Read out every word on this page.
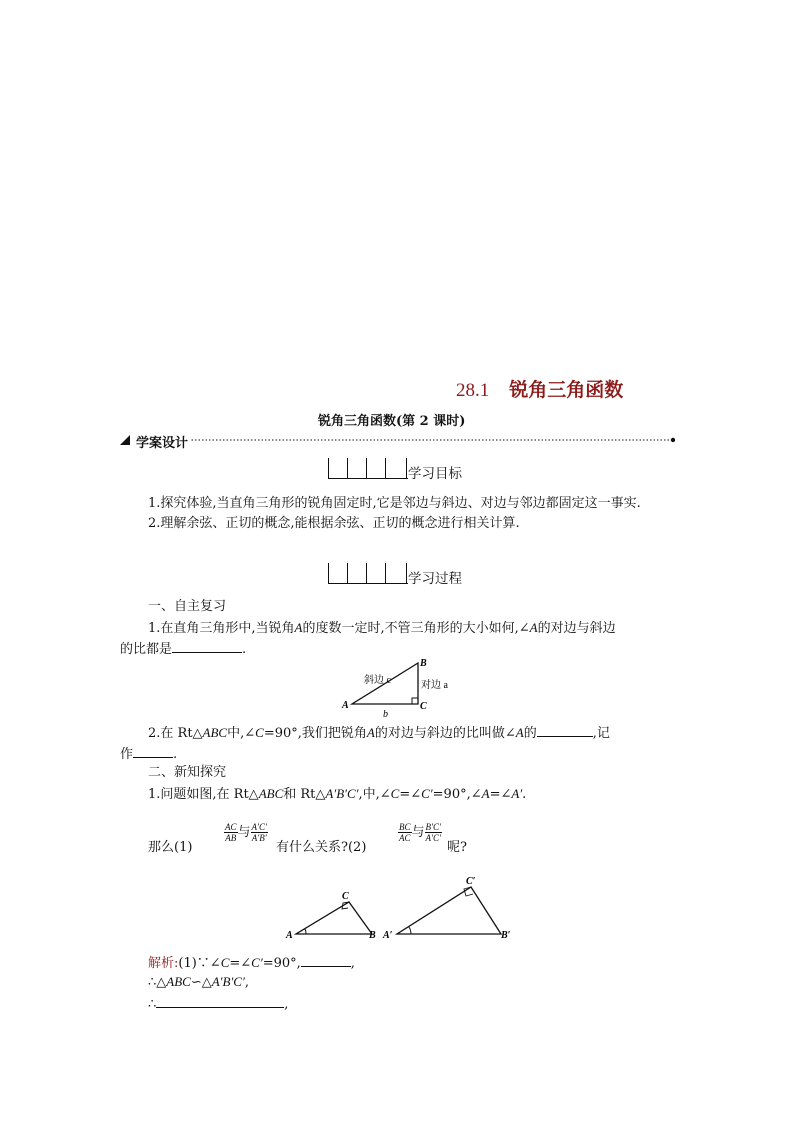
28.1 锐角三角函数
锐角三角函数(第 2 课时)
学案设计
学习目标
1.探究体验,当直角三角形的锐角固定时,它是邻边与斜边、对边与邻边都固定这一事实.
2.理解余弦、正切的概念,能根据余弦、正切的概念进行相关计算.
学习过程
一、自主复习
1.在直角三角形中,当锐角A的度数一定时,不管三角形的大小如何,∠A的对边与斜边
的比都是	.
A
B
C
斜边 c	对边 a
b
2.在 Rt△ABC中,∠C=90°,我们把锐角A的对边与斜边的比叫做∠A的	,记
作	.
二、新知探究
1.问题如图,在 Rt△ABC和 Rt△A′B′C′,中,∠C=∠C′=90°,∠A=∠A′.
那么(1)
$\frac{AC}{AB}$ 与 $\frac{A'C'}{A'B'}$
有什么关系?(2)
$\frac{BC}{AC}$ 与 $\frac{B'C'}{A'C'}$
呢?
A	B
C
A′	B′
C′
解析:(1)∵∠C=∠C′=90°,	,
∴△ABC∽△A′B′C′,
∴	,
